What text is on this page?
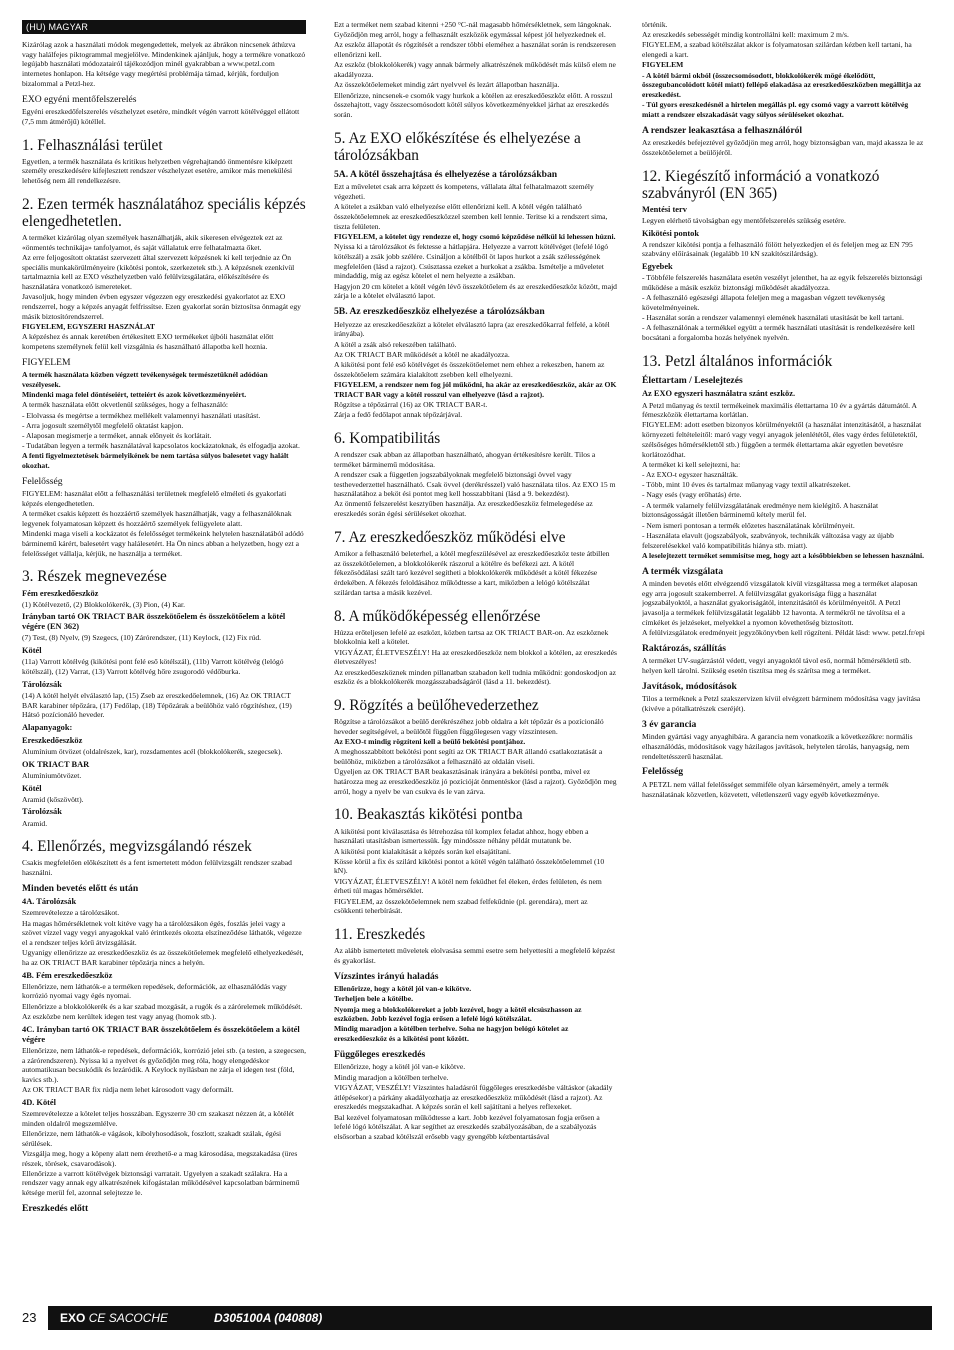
(HU) MAGYAR
Kizárólag azok a használati módok megengedettek, melyek az ábrákon nincsenek áthúzva vagy halálfejes piktogrammal megjelölve. Mindenkinek ajánljuk, hogy a termékre vonatkozó legújabb használati módozatairól tájékozódjon minél gyakrabban a www.petzl.com internetes honlapon. Ha kétsége vagy megértési problémája támad, kérjük, forduljon bizalommal a Petzl-hez.
EXO egyéni mentőfelszerelés
Egyéni ereszkedőfelszerelés vészhelyzet esetére, mindkét végén varrott kötélvéggel ellátott (7,5 mm átmérőjű) kötéllel.
1. Felhasználási terület
Egyetlen, a termék használata és kritikus helyzetben végrehajtandó önmentésre kiképzett személy ereszkedésére kifejlesztett rendszer vészhelyzet esetére, amikor más menekülési lehetőség nem áll rendelkezésre.
2. Ezen termék használatához speciális képzés elengedhetetlen.
A terméket kizárólag olyan személyek használhatják, akik sikeresen elvégeztek ezt az «önmentés technikája» tanfolyamot, és saját vállalatuk erre felhatalmazta őket.
Az erre feljogosított oktatást szervezett által szervezett képzésnek ki kell terjednie az Ön speciális munkakörülményeire (kikötési pontok, szerkezetek stb.). A képzésnek ezenkívül tartalmaznia kell az EXO vészhelyzetben való felülvizsgálatára, előkészítésére és használatára vonatkozó ismereteket.
Javasoljuk, hogy minden évben egyszer végezzen egy ereszkedési gyakorlatot az EXO rendszerrel, hogy a képzés anyagát felfrissítse. Ezen gyakorlat során biztosítsa önmagát egy másik biztosítórendszerrel.
FIGYELEM, EGYSZERI HASZNÁLAT
A képzéshez és annak keretében értékesített EXO termékeket újbóli használat előtt kompetens személynek felül kell vizsgálnia és használható állapotba kell hoznia.
FIGYELEM
A termék használata közben végzett tevékenységek természetüknél adódóan veszélyesek.
Mindenki maga felel döntéseiért, tetteiért és azok következményeiért.
A termék használata előtt okvetlenül szükséges, hogy a felhasználó:
- Elolvassa és megértse a termékhez mellékelt valamennyi használati utasítást.
- Arra jogosult személytől megfelelő oktatást kapjon.
- Alaposan megismerje a terméket, annak előnyeit és korlátait.
- Tudatában legyen a termék használatával kapcsolatos kockázatoknak, és elfogadja azokat.
A fenti figyelmeztetések bármelyikének be nem tartása súlyos balesetet vagy halált okozhat.
Felelősség
FIGYELEM: használat előtt a felhasználási területnek megfelelő elméleti és gyakorlati képzés elengedhetetlen.
A terméket csakis képzett és hozzáértő személyek használhatják, vagy a felhasználóknak legyenek folyamatosan képzett és hozzáértő személyek felügyelete alatt.
Mindenki maga viseli a kockázatot és felelősséget termékeink helytelen használatából adódó bárminemű kárért, balesetért vagy halálesetért. Ha Ön nincs abban a helyzetben, hogy ezt a felelősséget vállalja, kérjük, ne használja a terméket.
3. Részek megnevezése
Fém ereszkedőeszköz
(1) Kötélvezető, (2) Blokkolókerék, (3) Pion, (4) Kar.
Irányban tartó OK TRIACT BAR összekötőelem és összekötőelem a kötél végére (EN 362)
(7) Test, (8) Nyelv, (9) Szegecs, (10) Zárórendszer, (11) Keylock, (12) Fix rúd.
Kötél
(11a) Varrott kötélvég (kikötési pont felé eső kötélszál), (11b) Varrott kötélvég (lelógó kötélszál), (12) Varrat, (13) Varrott kötélvég hőre zsugorodó védőburka.
Tárolózsák
(14) A kötél helyét elválasztó lap, (15) Zseb az ereszkedőelemnek, (16) Az OK TRIACT BAR karabiner tépőzára, (17) Fedőlap, (18) Tépőzárak a beülőhöz való rögzítéshez, (19) Hátsó pozícionáló heveder.
Alapanyagok:
Ereszkedőeszköz
Alumínium ötvözet (oldalrészek, kar), rozsdamentes acél (blokkolókerék, szegecsek).
OK TRIACT BAR
Alumíniumötvözet.
Kötél
Aramid (kőszövött).
Tárolózsák
Aramid.
4. Ellenőrzés, megvizsgálandó részek
Csakis megfelelően előkészített és a fent ismertetett módon felülvizsgált rendszer szabad használni.
Minden bevetés előtt és után
4A. Tárolózsák
Szemrevételezze a tárolózsákot.
Ha magas hőmérsékletnek volt kitéve vagy ha a tárolózsákon égés, foszlás jelei vagy a szövet vízzel vagy vegyi anyagokkal való érintkezés okozta elszíneződése láthatók, végezze el a rendszer teljes körű átvizsgálását.
Ugyanígy ellenőrizze az ereszkedőeszköz és az összekötőelemek megfelelő elhelyezkedését, ha az OK TRIACT BAR karabiner tépőzárja nincs a helyén.
4B. Fém ereszkedőeszköz
Ellenőrizze, nem láthatók-e a terméken repedések, deformációk, az elhasználódás vagy korrózió nyomai vagy égés nyomai.
Ellenőrizze a blokkolókerék és a kar szabad mozgását, a rugók és a zárórelemek működését.
Az eszközbe nem kerültek idegen test vagy anyag (homok stb.).
4C. Irányban tartó OK TRIACT BAR összekötőelem és összekötőelem a kötél végére
Ellenőrizze, nem láthatók-e repedések, deformációk, korrózió jelei stb. (a testen, a szegecsen, a zárórendszeren). Nyissa ki a nyelvet és győződjön meg róla, hogy elengedéskor automatikusan becsukódik és lezáródik. A Keylock nyílásban ne zárja el idegen test (föld, kavics stb.).
Az OK TRIACT BAR fix rúdja nem lehet károsodott vagy deformált.
4D. Kötél
Szemrevételezze a kötelet teljes hosszában. Egyszerre 30 cm szakaszt nézzen át, a kötélét minden oldalról megszemlélve.
Ellenőrizze, nem láthatók-e vágások, kibolyhosodások, foszlott, szakadt szálak, égési sérülések.
Vizsgálja meg, hogy a köpeny alatt nem érezhető-e a mag károsodása, megszakadása (üres részek, törések, csavarodások).
Ellenőrizze a varrott kötélvégek biztonsági varratait. Ugyelyen a szakadt szálakra. Ha a rendszer vagy annak egy alkatrészének kifogástalan működésével kapcsolatban bárminemű kétsége merül fel, azonnal selejtezze le.
Ereszkedés előtt
Ezt a terméket nem szabad kitenni +250 °C-nál magasabb hőmérsékletnek, sem lángoknak.
Győződjön meg arról, hogy a felhasznált eszközök egymással képest jól helyezkednek el.
Az eszköz állapotát és rögzítését a rendszer többi eleméhez a használat során is rendszeresen ellenőrizni kell.
Az eszköz (blokkolókerék) vagy annak bármely alkatrészének működését más külső elem ne akadályozza.
Az összekötőelemeket mindig zárt nyelvvel és lezárt állapotban használja.
Ellenőrizze, nincsenek-e csomók vagy hurkok a kötélen az ereszkedőeszköz előtt. A rosszul összehajtott, vagy összecsomósodott kötél súlyos következményekkel járhat az ereszkedés során.
5. Az EXO előkészítése és elhelyezése a tárolózsákban
5A. A kötél összehajtása és elhelyezése a tárolózsákban
Ezt a műveletet csak arra képzett és kompetens, vállalata által felhatalmazott személy végezheti.
A kötelet a zsákban való elhelyezése előtt ellenőrizni kell. A kötél végén található összekötőelemnek az ereszkedőeszközzel szemben kell lennie. Teritse ki a rendszert sima, tiszta felületen.
FIGYELEM, a kötelet úgy rendezze el, hogy csomó képződése nélkül ki lehessen húzni.
Nyissa ki a tárolózsákot és fektesse a hátlapjára. Helyezze a varrott kötélvéget (lefelé lógó kötélszál) a zsák jobb szélére. Csináljon a kötélből öt lapos hurkot a zsák szélességének megfelelően (lásd a rajzot). Csúsztassa ezeket a hurkokat a zsákba. Ismételje a műveletet mindaddig, míg az egész kötelet el nem helyezte a zsákban.
Hagyjon 20 cm kötelet a kötél végén lévő összekötőelem és az ereszkedőeszköz között, majd zárja le a kötelet elválasztó lapot.
5B. Az ereszkedőeszköz elhelyezése a tárolózsákban
Helyezze az ereszkedőeszközt a kötelet elválasztó lapra (az ereszkedőkarral felfelé, a kötél irányába).
A kötél a zsák alsó rekeszében található.
Az OK TRIACT BAR működését a kötél ne akadályozza.
A kikötési pont felé eső kötélvéget és összekötőelemet nem ehhez a rekeszben, hanem az összekötőelem számára kialakított zsebben kell elhelyezni.
FIGYELEM, a rendszer nem fog jól működni, ha akár az ereszkedőeszköz, akár az OK TRIACT BAR vagy a kötél rosszul van elhelyezve (lásd a rajzot).
Rögzítse a tépőzárral (16) az OK TRIACT BAR-t.
Zárja a fedő fedőlapot annak tépőzárjával.
6. Kompatibilitás
A rendszer csak abban az állapotban használható, ahogyan értékesítésre került. Tilos a terméket bárminemű módosítása.
A rendszer csak a független jogszabályoknak megfelelő biztonsági övvel vagy testhevederzettel használható. Csak övvel (derékrésszel) való használata tilos. Az EXO 15 m használatához a beköt ési pontot meg kell hosszabbítani (lásd a 9. bekezdést).
Az önmentő felszerelést kesztyűben használja. Az ereszkedőeszköz felmelegedése az ereszkedés során égési sérüléseket okozhat.
7. Az ereszkedőeszköz működési elve
Amikor a felhasználó beleterhel, a kötél megfeszülésével az ereszkedőeszköz teste átbillen az összekötőelemen, a blokkolókerék rászorul a kötélre és befékezi azt. A kötél fékezősödálasi szált taró kezével segítheti a blokkolókerék működését a kötél fékezése érdekében. A fékezés feloldásához működtesse a kart, miközben a lelógó kötélszálat szilárdan tartsa a másik kezével.
8. A működőképesség ellenőrzése
Húzza erőteljesen lefelé az eszközt, közben tartsa az OK TRIACT BAR-on. Az eszköznek blokkolnia kell a kötelet.
VIGYÁZAT, ÉLETVESZÉLY! Ha az ereszkedőeszköz nem blokkol a kötélen, az ereszkedés életveszélyes!
Az ereszkedőeszköznek minden pillanatban szabadon kell tudnia működni: gondoskodjon az eszköz és a blokkolókerék mozgásszabadságáról (lásd a 11. bekezdést).
9. Rögzítés a beülőhevederzethez
Rögzítse a tárolózsákot a beülő derékrészéhez jobb oldalra a két tépőzár és a pozícionáló heveder segítségével, a beülőtől függően függőlegesen vagy vízszintesen.
Az EXO-t mindig rögzíteni kell a beülő bekötési pontjához.
A meghosszabbított bekötési pont segíti az OK TRIACT BAR állandó csatlakoztatását a beülőhöz, miközben a tárolózsákot a felhasználó az oldalán viseli.
Ügyeljen az OK TRIACT BAR beakasztásának irányára a bekötési pontba, mivel ez határozza meg az ereszkedőeszköz jó pozícióját önmentéskor (lásd a rajzot). Győződjön meg arról, hogy a nyelv be van csukva és le van zárva.
10. Beakasztás kikötési pontba
A kikötési pont kiválasztása és létrehozása túl komplex feladat ahhoz, hogy ebben a használati utasításban ismertessük. Így mindössze néhány példát mutatunk be.
A kikötési pont kialakítását a képzés során kel elsajátítani.
Kösse körül a fix és szilárd kikötési pontot a kötél végén található összekötőelemmel (10 kN).
VIGYÁZAT, ÉLETVESZÉLY! A kötél nem feküdhet fel éleken, érdes felületen, és nem érheti túl magas hőmérséklet.
FIGYELEM, az összekötőelemnek nem szabad felfekűdnie (pl. gerendára), mert az csökkenti teherbírását.
11. Ereszkedés
Az alább ismertetett műveletek elolvasása semmi esetre sem helyettesíti a megfelelő képzést és gyakorlást.
Vízszintes irányú haladás
Ellenőrizze, hogy a kötél jól van-e kikötve.
Terheljen bele a kötélbe.
Nyomja meg a blokkolókereket a jobb kezével, hogy a kötél elcsúszhasson az eszközben. Jobb kezével fogja erősen a lefelé lógó kötélszálat.
Mindig maradjon a kötélben terhelve. Soha ne hagyjon belógó kötelet az ereszkedőeszköz és a kikötési pont között.
Függőleges ereszkedés
Ellenőrizze, hogy a kötél jól van-e kikötve.
Mindig maradjon a kötélben terhelve.
VIGYÁZAT, VESZÉLY! Vízszintes haladásról függőleges ereszkedésbe váltáskor (akadály átlépésekor) a párkány akadályozhatja az ereszkedőeszköz működését (lásd a rajzot). Az ereszkedés megszakadhat. A képzés során el kell sajátítani a helyes reflexeket.
Bal kezével folyamatosan működtesse a kart. Jobb kezével folyamatosan fogja erősen a lefelé lógó kötélszálat. A kar segíthet az ereszkedés szabályozásában, de a szabályozás elsősorban a szabad kötélszál erősebb vagy gyengébb kézbentartásával
történik.
Az ereszkedés sebességét mindig kontrollálni kell: maximum 2 m/s.
FIGYELEM, a szabad kötélszálat akkor is folyamatosan szilárdan kézben kell tartani, ha elengedi a kart.
FIGYELEM
- A kötél bármi okból (összecsomósodott, blokkolókerék mögé ékelődött, összegubancolódott kötél miatt) fellépő elakadása az ereszkedőeszközben megállítja az ereszkedést.
- Túl gyors ereszkedésnél a hirtelen megállás pl. egy csomó vagy a varrott kötélvég miatt a rendszer elszakadását vagy súlyos sérüléseket okozhat.
A rendszer leakasztása a felhasználóról
Az ereszkedés befejeztével győződjön meg arról, hogy biztonságban van, majd akassza le az összekötőelemet a beülőjéről.
12. Kiegészítő információ a vonatkozó szabványról (EN 365)
Mentési terv
Legyen elérhető távolságban egy mentőfelszerelés szükség esetére.
Kikötési pontok
A rendszer kikötési pontja a felhasználó fölött helyezkedjen el és feleljen meg az EN 795 szabvány előírásainak (legalább 10 kN szakítószilárdság).
Egyebek
- Többféle felszerelés használata esetén veszélyt jelenthet, ha az egyik felszerelés biztonsági működése a másik eszköz biztonsági működését akadályozza.
- A felhasználó egészségi állapota feleljen meg a magasban végzett tevékenység követelményeinek.
- Használat során a rendszer valamennyi elemének használati utasítását be kell tartani.
- A felhasználónak a termékkel együtt a termék használati utasítását is rendelkezésére kell bocsátani a forgalomba hozás helyének nyelvén.
13. Petzl általános információk
Élettartam / Leselejtezés
Az EXO egyszeri használatra szánt eszköz.
A Petzl műanyag és textil termékeinek maximális élettartama 10 év a gyártás dátumától. A fémeszközök élettartama korlátlan.
FIGYELEM: adott esetben bizonyos körülményektől (a használat intenzitásától, a használat környezeti feltételeitől: maró vagy vegyi anyagok jelenlététől, éles vagy érdes felületektől, szélsőséges hőmérséklettől stb.) függően a termék élettartama akár egyetlen bevetésre korlátozódhat.
A terméket ki kell selejtezni, ha:
- Az EXO-t egyszer használták.
- Több, mint 10 éves és tartalmaz műanyag vagy textil alkatrészeket.
- Nagy esés (vagy erőhatás) érte.
- A termék valamely felülvizsgálatának eredménye nem kielégítő. A használat biztonságosságát illetően bárminemű kétely merül fel.
- Nem ismeri pontosan a termék előzetes használatának körülményeit.
- Használata elavult (jogszabályok, szabványok, technikák változása vagy az újabb felszerelésekkel való kompatibilitás hiánya stb. miatt).
A leselejtezett terméket semmisítse meg, hogy azt a későbbiekben se lehessen használni.
A termék vizsgálata
A minden bevetés előtt elvégzendő vizsgálatok kívül vizsgáltassa meg a terméket alaposan egy arra jogosult szakemberrel. A felülvizsgálat gyakorisága függ a használat jogszabályoktól, a használat gyakoriságától, intenzitásától és körülményeitől. A Petzl javasolja a termékek felülvizsgálatát legalább 12 havonta. A termékről ne távolítsa el a címkéket és jelzéseket, melyekkel a nyomon követhetőség biztosított.
A felülvizsgálatok eredményeit jegyzőkönyvben kell rögzíteni. Példát lásd: www. petzl.fr/epi
Raktározás, szállítás
A terméket UV-sugárzástól védett, vegyi anyagoktól távol eső, normál hőmérsékletű stb. helyen kell tárolni. Szükség esetén tisztítsa meg és szárítsa meg a terméket.
Javítások, módosítások
Tilos a terméknek a Petzl szakszervizen kívül elvégzett bárminem módosítása vagy javítása (kivéve a pótalkatrészek cseréjét).
3 év garancia
Minden gyártási vagy anyaghibára. A garancia nem vonatkozik a következőkre: normális elhasználódás, módosítások vagy házilagos javítások, helytelen tárolás, hanyagság, nem rendeltetésszerű használat.
Felelősség
A PETZL nem vállal felelősséget semmiféle olyan kárseményért, amely a termék használatának közvetlen, közvetett, véletlenszerű vagy egyéb következménye.
23 EXO CE SACOCHE	D305100A (040808)
